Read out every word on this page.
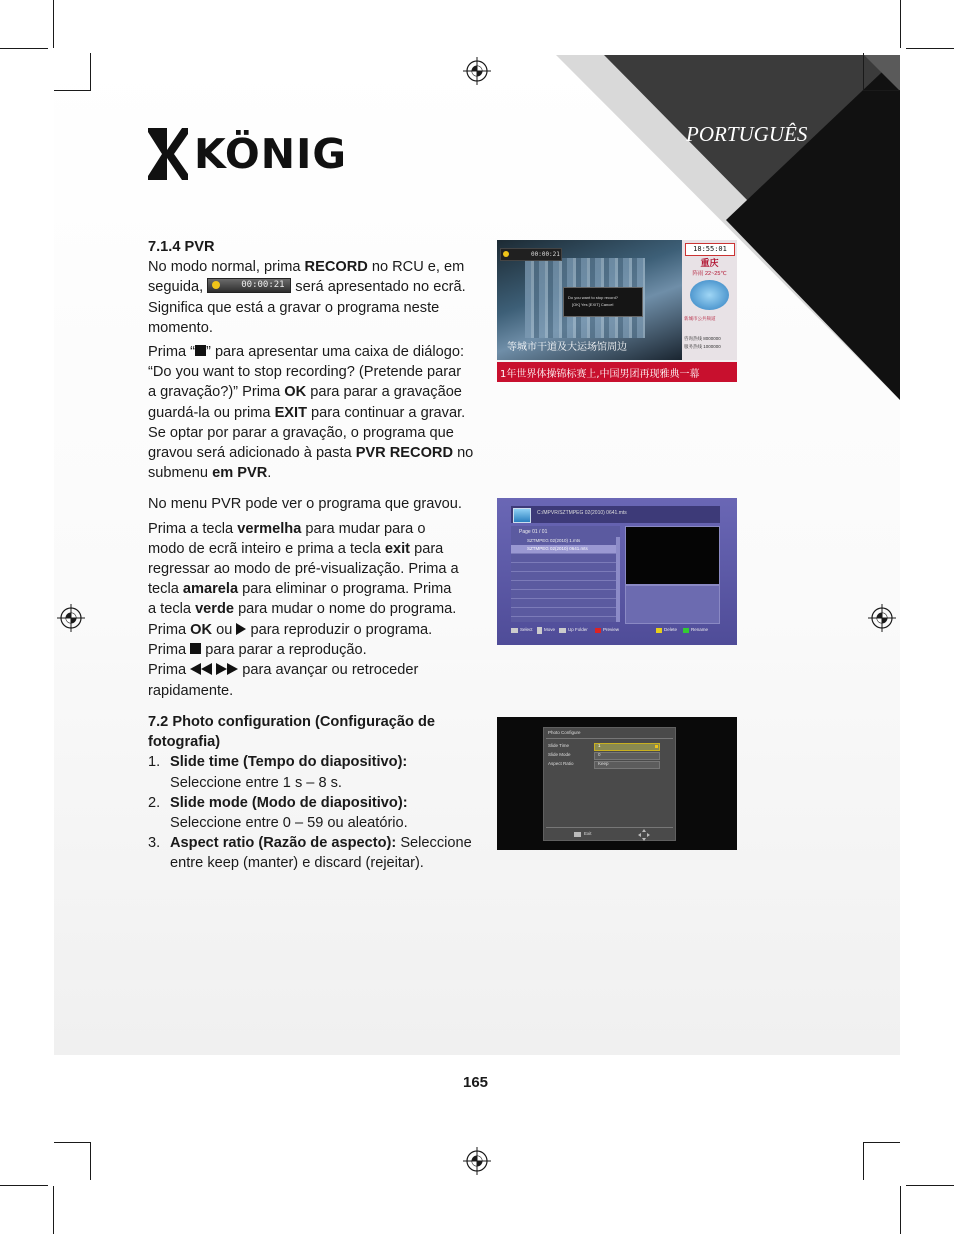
KÖNIG	PORTUGUÊS

7.1.4 PVR

No modo normal, prima RECORD no RCU e, em

seguida,	00:00:21 será apresentado no ecrã.

Significa que está a gravar o programa neste

momento.

Prima “ ” para apresentar uma caixa de diálogo:

“Do you want to stop recording? (Pretende parar

a gravação?)” Prima OK para parar a gravaçãoe

guardá-la ou prima EXIT para continuar a gravar.

Se optar por parar a gravação, o programa que

gravou será adicionado à pasta PVR RECORD no

submenu em PVR.

No menu PVR pode ver o programa que gravou.

Prima a tecla vermelha para mudar para o

modo de ecrã inteiro e prima a tecla exit para

regressar ao modo de pré-visualização. Prima a

tecla amarela para eliminar o programa. Prima

a tecla verde para mudar o nome do programa.

Prima OK ou  para reproduzir o programa.

Prima  para parar a reprodução.

Prima	para avançar ou retroceder

rapidamente.

7.2 Photo configuration (Configuração de

fotografia)

1. Slide time (Tempo do diapositivo):

Seleccione entre 1 s – 8 s.

2. Slide mode (Modo de diapositivo):

Seleccione entre 0 – 59 ou aleatório.

3. Aspect ratio (Razão de aspecto): Seleccione

entre keep (manter) e discard (rejeitar).

00:00:21
Do you want to stop record?
[OK] Yes [EXIT] Cancel
等城市干道及大运场馆周边
18:55:01
重庆
阵雨 22~25℃
新城市公共频道
咨询热线 8000000
服务热线 1000000
1年世界体操锦标赛上,中国男团再现雅典一幕
C:/MPVR/SZTMPEG 02(2010) 0641.mts
Page 01 / 01
SZTMPEG 02(2010) 1.mts
SZTMPEG 02(2010) 0641.mts
Select	Move	Up Folder	Preview	Delete	Rename
Photo Configure
Slide Time	1
Slide Mode	0
Aspect Ratio	Keep
Exit
165
